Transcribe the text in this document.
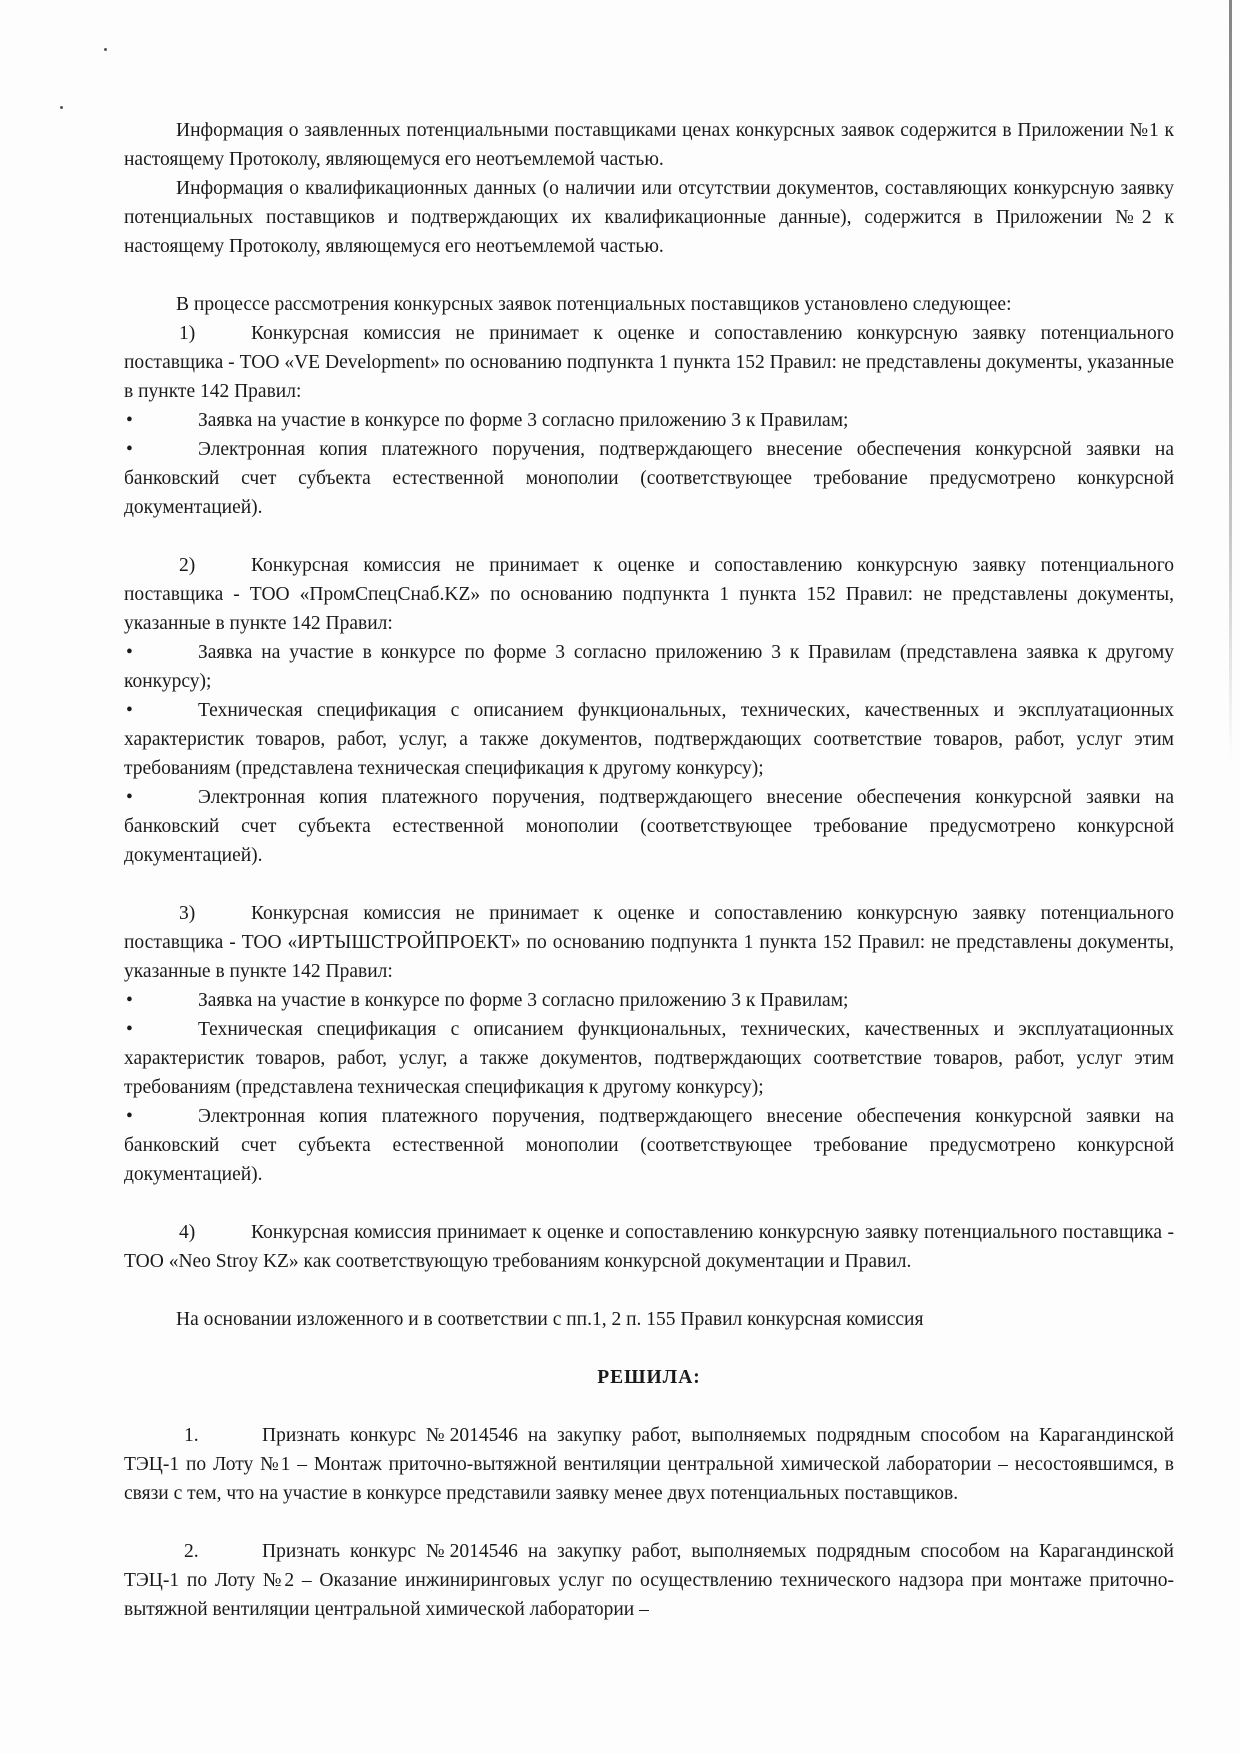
Информация о заявленных потенциальными поставщиками ценах конкурсных заявок содержится в Приложении №1 к настоящему Протоколу, являющемуся его неотъемлемой частью.

Информация о квалификационных данных (о наличии или отсутствии документов, составляющих конкурсную заявку потенциальных поставщиков и подтверждающих их квалификационные данные), содержится в Приложении №2 к настоящему Протоколу, являющемуся его неотъемлемой частью.

В процессе рассмотрения конкурсных заявок потенциальных поставщиков установлено следующее:

1)	Конкурсная комиссия не принимает к оценке и сопоставлению конкурсную заявку потенциального поставщика - ТОО «VE Development» по основанию подпункта 1 пункта 152 Правил: не представлены документы, указанные в пункте 142 Правил:

•	Заявка на участие в конкурсе по форме 3 согласно приложению 3 к Правилам;

•	Электронная копия платежного поручения, подтверждающего внесение обеспечения конкурсной заявки на банковский счет субъекта естественной монополии (соответствующее требование предусмотрено конкурсной документацией).

2)	Конкурсная комиссия не принимает к оценке и сопоставлению конкурсную заявку потенциального поставщика - ТОО «ПромСпецСнаб.KZ» по основанию подпункта 1 пункта 152 Правил: не представлены документы, указанные в пункте 142 Правил:

•	Заявка на участие в конкурсе по форме 3 согласно приложению 3 к Правилам (представлена заявка к другому конкурсу);

•	Техническая спецификация с описанием функциональных, технических, качественных и эксплуатационных характеристик товаров, работ, услуг, а также документов, подтверждающих соответствие товаров, работ, услуг этим требованиям (представлена техническая спецификация к другому конкурсу);

•	Электронная копия платежного поручения, подтверждающего внесение обеспечения конкурсной заявки на банковский счет субъекта естественной монополии (соответствующее требование предусмотрено конкурсной документацией).

3)	Конкурсная комиссия не принимает к оценке и сопоставлению конкурсную заявку потенциального поставщика - ТОО «ИРТЫШСТРОЙПРОЕКТ» по основанию подпункта 1 пункта 152 Правил: не представлены документы, указанные в пункте 142 Правил:

•	Заявка на участие в конкурсе по форме 3 согласно приложению 3 к Правилам;

•	Техническая спецификация с описанием функциональных, технических, качественных и эксплуатационных характеристик товаров, работ, услуг, а также документов, подтверждающих соответствие товаров, работ, услуг этим требованиям (представлена техническая спецификация к другому конкурсу);

•	Электронная копия платежного поручения, подтверждающего внесение обеспечения конкурсной заявки на банковский счет субъекта естественной монополии (соответствующее требование предусмотрено конкурсной документацией).

4)	Конкурсная комиссия принимает к оценке и сопоставлению конкурсную заявку потенциального поставщика - ТОО «Neo Stroy KZ» как соответствующую требованиям конкурсной документации и Правил.

На основании изложенного и в соответствии с пп.1, 2 п. 155 Правил конкурсная комиссия

РЕШИЛА:

1.	Признать конкурс №2014546 на закупку работ, выполняемых подрядным способом на Карагандинской ТЭЦ-1 по Лоту №1 – Монтаж приточно-вытяжной вентиляции центральной химической лаборатории – несостоявшимся, в связи с тем, что на участие в конкурсе представили заявку менее двух потенциальных поставщиков.

2.	Признать конкурс №2014546 на закупку работ, выполняемых подрядным способом на Карагандинской ТЭЦ-1 по Лоту №2 – Оказание инжиниринговых услуг по осуществлению технического надзора при монтаже приточно-вытяжной вентиляции центральной химической лаборатории –
